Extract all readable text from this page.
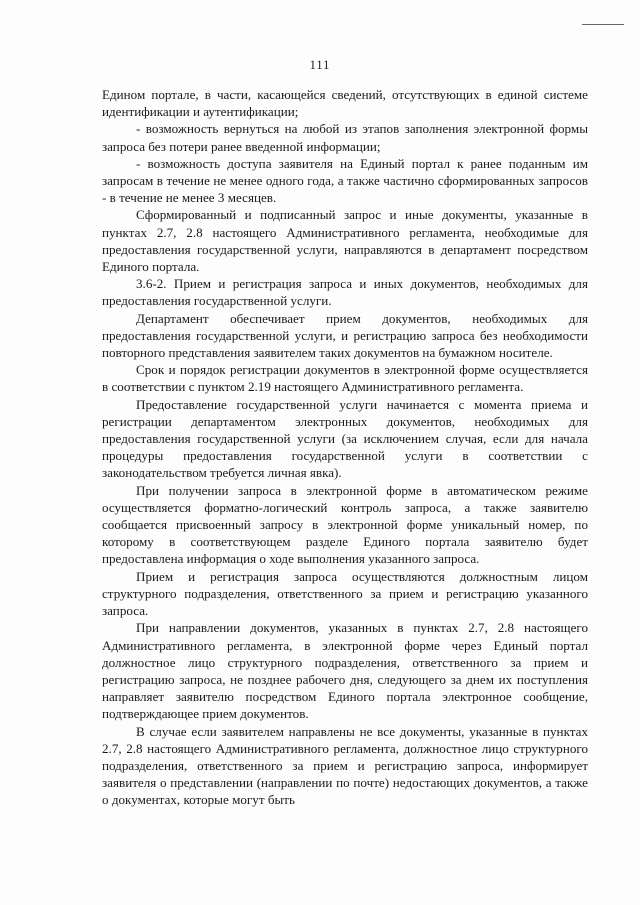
111

Едином портале, в части, касающейся сведений, отсутствующих в единой системе идентификации и аутентификации;

- возможность вернуться на любой из этапов заполнения электронной формы запроса без потери ранее введенной информации;

- возможность доступа заявителя на Единый портал к ранее поданным им запросам в течение не менее одного года, а также частично сформированных запросов - в течение не менее 3 месяцев.

Сформированный и подписанный запрос и иные документы, указанные в пунктах 2.7, 2.8 настоящего Административного регламента, необходимые для предоставления государственной услуги, направляются в департамент посредством Единого портала.

3.6-2. Прием и регистрация запроса и иных документов, необходимых для предоставления государственной услуги.

Департамент обеспечивает прием документов, необходимых для предоставления государственной услуги, и регистрацию запроса без необходимости повторного представления заявителем таких документов на бумажном носителе.

Срок и порядок регистрации документов в электронной форме осуществляется в соответствии с пунктом 2.19 настоящего Административного регламента.

Предоставление государственной услуги начинается с момента приема и регистрации департаментом электронных документов, необходимых для предоставления государственной услуги (за исключением случая, если для начала процедуры предоставления государственной услуги в соответствии с законодательством требуется личная явка).

При получении запроса в электронной форме в автоматическом режиме осуществляется форматно-логический контроль запроса, а также заявителю сообщается присвоенный запросу в электронной форме уникальный номер, по которому в соответствующем разделе Единого портала заявителю будет предоставлена информация о ходе выполнения указанного запроса.

Прием и регистрация запроса осуществляются должностным лицом структурного подразделения, ответственного за прием и регистрацию указанного запроса.

При направлении документов, указанных в пунктах 2.7, 2.8 настоящего Административного регламента, в электронной форме через Единый портал должностное лицо структурного подразделения, ответственного за прием и регистрацию запроса, не позднее рабочего дня, следующего за днем их поступления направляет заявителю посредством Единого портала электронное сообщение, подтверждающее прием документов.

В случае если заявителем направлены не все документы, указанные в пунктах 2.7, 2.8 настоящего Административного регламента, должностное лицо структурного подразделения, ответственного за прием и регистрацию запроса, информирует заявителя о представлении (направлении по почте) недостающих документов, а также о документах, которые могут быть
